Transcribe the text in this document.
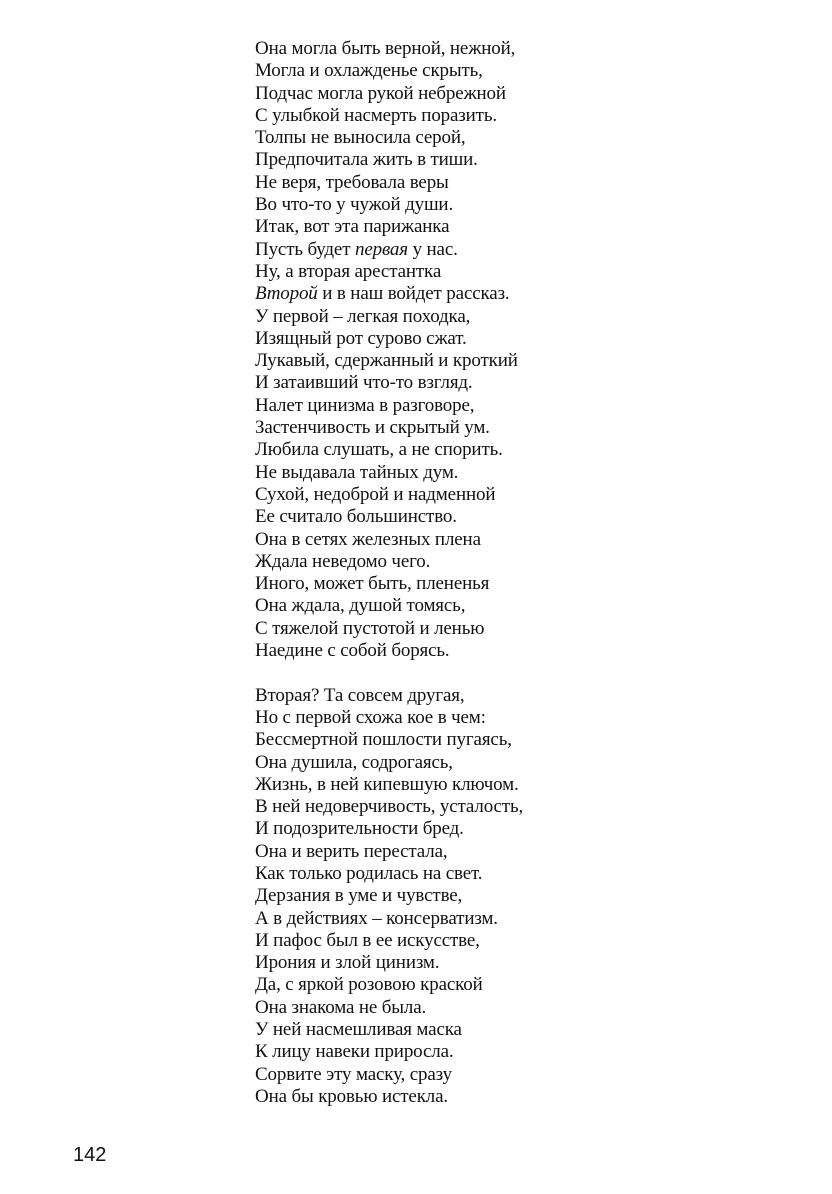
Она могла быть верной, нежной,
Могла и охлажденье скрыть,
Подчас могла рукой небрежной
С улыбкой насмерть поразить.
Толпы не выносила серой,
Предпочитала жить в тиши.
Не веря, требовала веры
Во что-то у чужой души.
Итак, вот эта парижанка
Пусть будет первая у нас.
Ну, а вторая арестантка
Второй и в наш войдет рассказ.
У первой – легкая походка,
Изящный рот сурово сжат.
Лукавый, сдержанный и кроткий
И затаивший что-то взгляд.
Налет цинизма в разговоре,
Застенчивость и скрытый ум.
Любила слушать, а не спорить.
Не выдавала тайных дум.
Сухой, недоброй и надменной
Ее считало большинство.
Она в сетях железных плена
Ждала неведомо чего.
Иного, может быть, плененья
Она ждала, душой томясь,
С тяжелой пустотой и ленью
Наедине с собой борясь.
Вторая? Та совсем другая,
Но с первой схожа кое в чем:
Бессмертной пошлости пугаясь,
Она душила, содрогаясь,
Жизнь, в ней кипевшую ключом.
В ней недоверчивость, усталость,
И подозрительности бред.
Она и верить перестала,
Как только родилась на свет.
Дерзания в уме и чувстве,
А в действиях – консерватизм.
И пафос был в ее искусстве,
Ирония и злой цинизм.
Да, с яркой розовою краской
Она знакома не была.
У ней насмешливая маска
К лицу навеки приросла.
Сорвите эту маску, сразу
Она бы кровью истекла.
142
